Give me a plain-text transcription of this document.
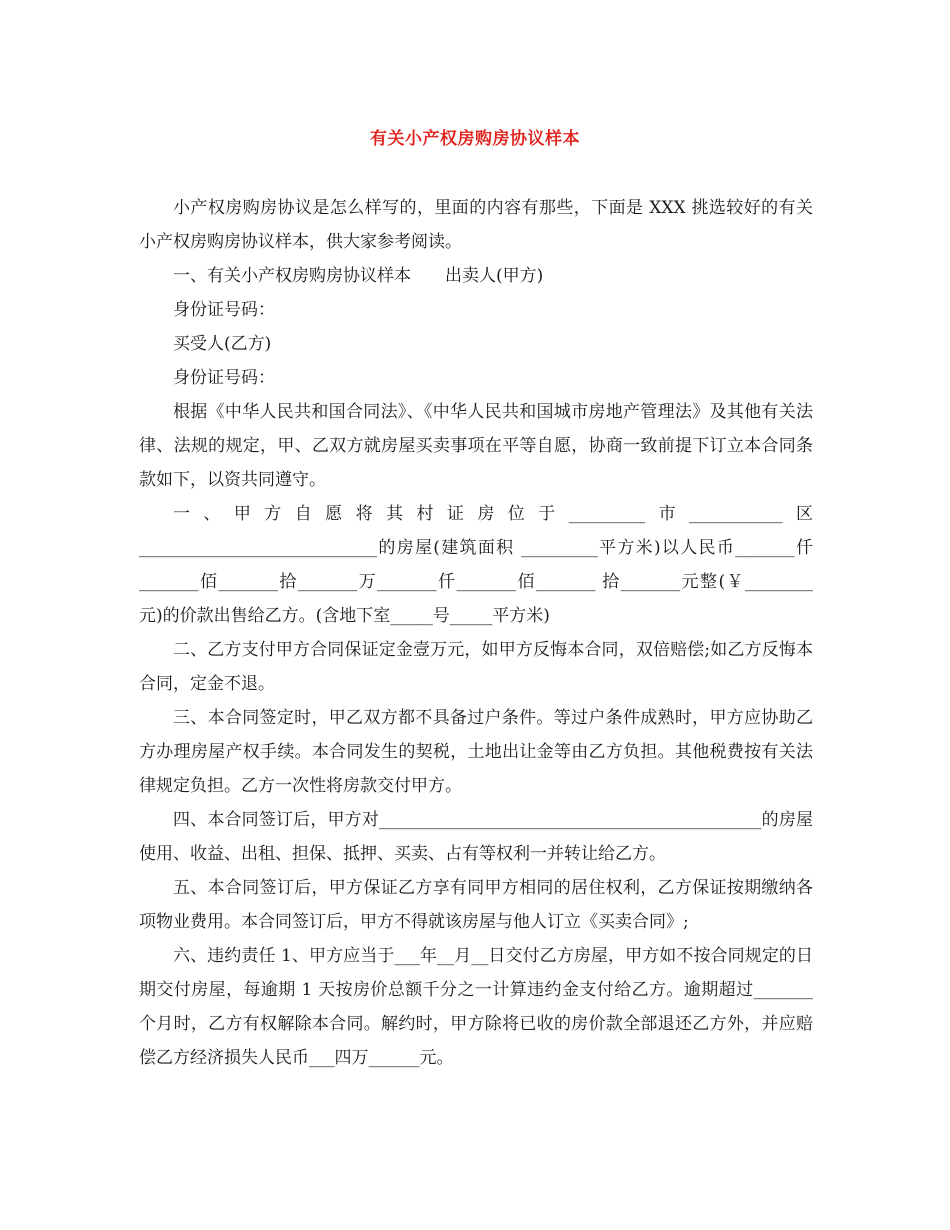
有关小产权房购房协议样本

小产权房购房协议是怎么样写的，里面的内容有那些，下面是 XXX 挑选较好的有关小产权房购房协议样本，供大家参考阅读。

一、有关小产权房购房协议样本　　出卖人(甲方)

身份证号码：

买受人(乙方)

身份证号码：

根据《中华人民共和国合同法》、《中华人民共和国城市房地产管理法》及其他有关法 律、法规的规定，甲、乙双方就房屋买卖事项在平等自愿，协商一致前提下订立本合同条款如下，以资共同遵守。

一、甲方自愿将其村证房位于_________市___________区____________________________的房屋(建筑面积 _________平方米)以人民币_______仟_______佰_______拾_______万_______仟_______佰_______ 拾_______元整(￥________ 元)的价款出售给乙方。(含地下室_____号_____平方米)

二、乙方支付甲方合同保证定金壹万元，如甲方反悔本合同，双倍赔偿;如乙方反悔本合同，定金不退。

三、本合同签定时，甲乙双方都不具备过户条件。等过户条件成熟时，甲方应协助乙方办理房屋产权手续。本合同发生的契税，土地出让金等由乙方负担。其他税费按有关法律规定负担。乙方一次性将房款交付甲方。

四、本合同签订后，甲方对_____________________________________________的房屋使用、收益、出租、担保、抵押、买卖、占有等权利一并转让给乙方。

五、本合同签订后，甲方保证乙方享有同甲方相同的居住权利，乙方保证按期缴纳各项物业费用。本合同签订后，甲方不得就该房屋与他人订立《买卖合同》;

六、违约责任 1、甲方应当于___年__月__日交付乙方房屋，甲方如不按合同规定的日期交付房屋，每逾期 1 天按房价总额千分之一计算违约金支付给乙方。逾期超过_______个月时，乙方有权解除本合同。解约时，甲方除将已收的房价款全部退还乙方外，并应赔偿乙方经济损失人民币___四万______元。
